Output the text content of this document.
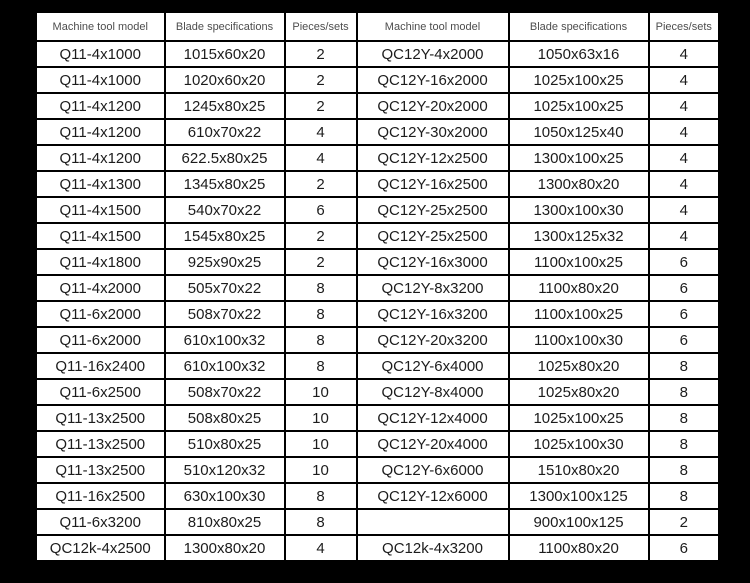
Machine tool model	Blade specifications	Pieces/sets	Machine tool model	Blade specifications	Pieces/sets
Q11-4x1000	1015x60x20	2	QC12Y-4x2000	1050x63x16	4
Q11-4x1000	1020x60x20	2	QC12Y-16x2000	1025x100x25	4
Q11-4x1200	1245x80x25	2	QC12Y-20x2000	1025x100x25	4
Q11-4x1200	610x70x22	4	QC12Y-30x2000	1050x125x40	4
Q11-4x1200	622.5x80x25	4	QC12Y-12x2500	1300x100x25	4
Q11-4x1300	1345x80x25	2	QC12Y-16x2500	1300x80x20	4
Q11-4x1500	540x70x22	6	QC12Y-25x2500	1300x100x30	4
Q11-4x1500	1545x80x25	2	QC12Y-25x2500	1300x125x32	4
Q11-4x1800	925x90x25	2	QC12Y-16x3000	1100x100x25	6
Q11-4x2000	505x70x22	8	QC12Y-8x3200	1100x80x20	6
Q11-6x2000	508x70x22	8	QC12Y-16x3200	1100x100x25	6
Q11-6x2000	610x100x32	8	QC12Y-20x3200	1100x100x30	6
Q11-16x2400	610x100x32	8	QC12Y-6x4000	1025x80x20	8
Q11-6x2500	508x70x22	10	QC12Y-8x4000	1025x80x20	8
Q11-13x2500	508x80x25	10	QC12Y-12x4000	1025x100x25	8
Q11-13x2500	510x80x25	10	QC12Y-20x4000	1025x100x30	8
Q11-13x2500	510x120x32	10	QC12Y-6x6000	1510x80x20	8
Q11-16x2500	630x100x30	8	QC12Y-12x6000	1300x100x125	8
Q11-6x3200	810x80x25	8		900x100x125	2
QC12k-4x2500	1300x80x20	4	QC12k-4x3200	1100x80x20	6
